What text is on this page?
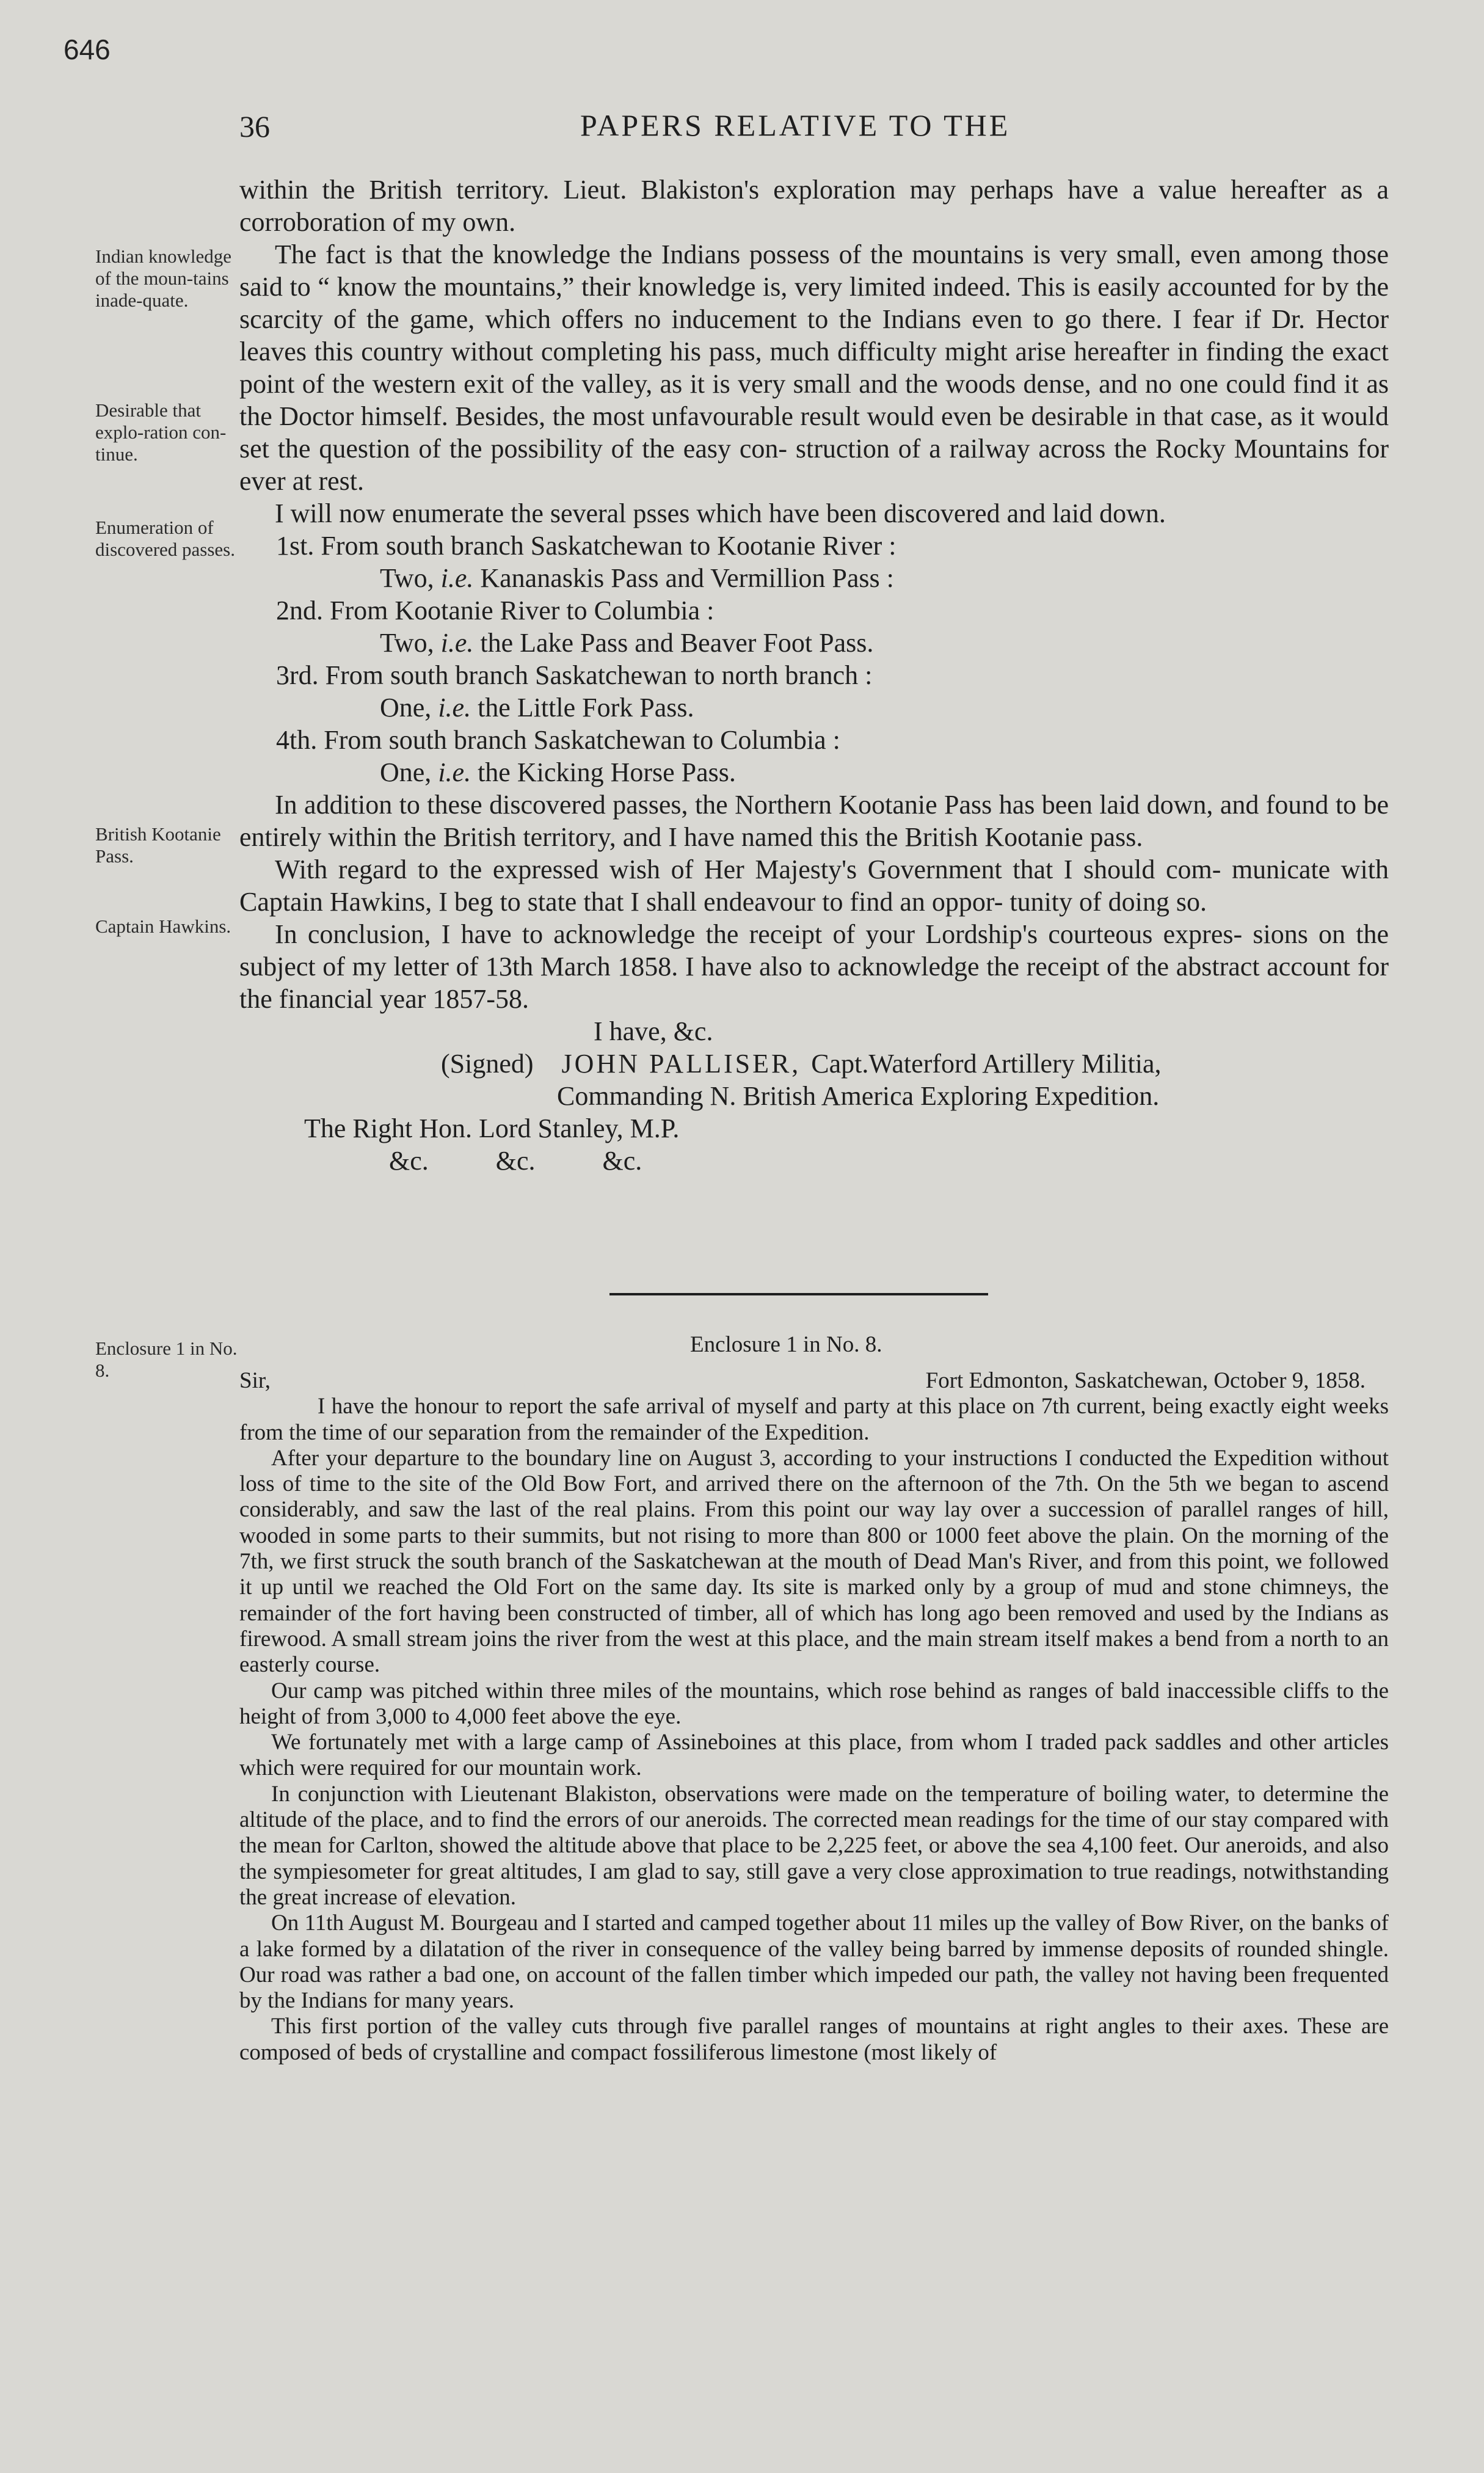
646
36	PAPERS RELATIVE TO THE
Indian knowledge of the moun-tains inade-quate.
Desirable that explo-ration con-tinue.
Enumeration of discovered passes.
British Kootanie Pass.
Captain Hawkins.
Enclosure 1 in No. 8.

within the British territory. Lieut. Blakiston's exploration may perhaps have a value hereafter as a corroboration of my own.

The fact is that the knowledge the Indians possess of the mountains is very small, even among those said to “ know the mountains,” their knowledge is, very limited indeed. This is easily accounted for by the scarcity of the game, which offers no inducement to the Indians even to go there. I fear if Dr. Hector leaves this country without completing his pass, much difficulty might arise hereafter in finding the exact point of the western exit of the valley, as it is very small and the woods dense, and no one could find it as the Doctor himself. Besides, the most unfavourable result would even be desirable in that case, as it would set the question of the possibility of the easy con- struction of a railway across the Rocky Mountains for ever at rest.

I will now enumerate the several psses which have been discovered and laid down.

1st. From south branch Saskatchewan to Kootanie River :

Two, i.e. Kananaskis Pass and Vermillion Pass :

2nd. From Kootanie River to Columbia :

Two, i.e. the Lake Pass and Beaver Foot Pass.

3rd. From south branch Saskatchewan to north branch :

One, i.e. the Little Fork Pass.

4th. From south branch Saskatchewan to Columbia :

One, i.e. the Kicking Horse Pass.

In addition to these discovered passes, the Northern Kootanie Pass has been laid down, and found to be entirely within the British territory, and I have named this the British Kootanie pass.

With regard to the expressed wish of Her Majesty's Government that I should com- municate with Captain Hawkins, I beg to state that I shall endeavour to find an oppor- tunity of doing so.

In conclusion, I have to acknowledge the receipt of your Lordship's courteous expres- sions on the subject of my letter of 13th March 1858. I have also to acknowledge the receipt of the abstract account for the financial year 1857-58.

I have, &c.

(Signed) JOHN PALLISER, Capt.Waterford Artillery Militia,

Commanding N. British America Exploring Expedition.

The Right Hon. Lord Stanley, M.P.

&c.	&c.	&c.

Enclosure 1 in No. 8.

Sir,	Fort Edmonton, Saskatchewan, October 9, 1858.

I have the honour to report the safe arrival of myself and party at this place on 7th current, being exactly eight weeks from the time of our separation from the remainder of the Expedition.

After your departure to the boundary line on August 3, according to your instructions I conducted the Expedition without loss of time to the site of the Old Bow Fort, and arrived there on the afternoon of the 7th. On the 5th we began to ascend considerably, and saw the last of the real plains. From this point our way lay over a succession of parallel ranges of hill, wooded in some parts to their summits, but not rising to more than 800 or 1000 feet above the plain. On the morning of the 7th, we first struck the south branch of the Saskatchewan at the mouth of Dead Man's River, and from this point, we followed it up until we reached the Old Fort on the same day. Its site is marked only by a group of mud and stone chimneys, the remainder of the fort having been constructed of timber, all of which has long ago been removed and used by the Indians as firewood. A small stream joins the river from the west at this place, and the main stream itself makes a bend from a north to an easterly course.

Our camp was pitched within three miles of the mountains, which rose behind as ranges of bald inaccessible cliffs to the height of from 3,000 to 4,000 feet above the eye.

We fortunately met with a large camp of Assineboines at this place, from whom I traded pack saddles and other articles which were required for our mountain work.

In conjunction with Lieutenant Blakiston, observations were made on the temperature of boiling water, to determine the altitude of the place, and to find the errors of our aneroids. The corrected mean readings for the time of our stay compared with the mean for Carlton, showed the altitude above that place to be 2,225 feet, or above the sea 4,100 feet. Our aneroids, and also the sympiesometer for great altitudes, I am glad to say, still gave a very close approximation to true readings, notwithstanding the great increase of elevation.

On 11th August M. Bourgeau and I started and camped together about 11 miles up the valley of Bow River, on the banks of a lake formed by a dilatation of the river in consequence of the valley being barred by immense deposits of rounded shingle. Our road was rather a bad one, on account of the fallen timber which impeded our path, the valley not having been frequented by the Indians for many years.

This first portion of the valley cuts through five parallel ranges of mountains at right angles to their axes. These are composed of beds of crystalline and compact fossiliferous limestone (most likely of
